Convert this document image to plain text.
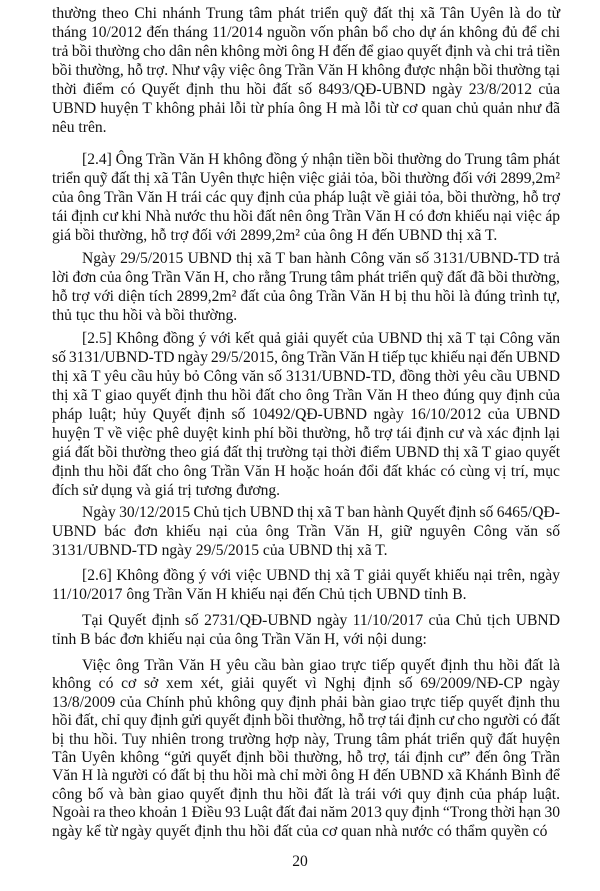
thường theo Chi nhánh Trung tâm phát triển quỹ đất thị xã Tân Uyên là do từ
tháng 10/2012 đến tháng 11/2014 nguồn vốn phân bổ cho dự án không đủ để chi
trả bồi thường cho dân nên không mời ông H đến để giao quyết định và chi trả tiền
bồi thường, hỗ trợ. Như vậy việc ông Trần Văn H không được nhận bồi thường tại
thời điểm có Quyết định thu hồi đất số 8493/QĐ-UBND ngày 23/8/2012 của
UBND huyện T không phải lỗi từ phía ông H mà lỗi từ cơ quan chủ quản như đã
nêu trên.
[2.4] Ông Trần Văn H không đồng ý nhận tiền bồi thường do Trung tâm phát
triển quỹ đất thị xã Tân Uyên thực hiện việc giải tỏa, bồi thường đối với 2899,2m²
của ông Trần Văn H trái các quy định của pháp luật về giải tỏa, bồi thường, hỗ trợ
tái định cư khi Nhà nước thu hồi đất nên ông Trần Văn H có đơn khiếu nại việc áp
giá bồi thường, hỗ trợ đối với 2899,2m² của ông H đến UBND thị xã T.
Ngày 29/5/2015 UBND thị xã T ban hành Công văn số 3131/UBND-TD trả
lời đơn của ông Trần Văn H, cho rằng Trung tâm phát triển quỹ đất đã bồi thường,
hỗ trợ với diện tích 2899,2m² đất của ông Trần Văn H bị thu hồi là đúng trình tự,
thủ tục thu hồi và bồi thường.
[2.5] Không đồng ý với kết quả giải quyết của UBND thị xã T tại Công văn
số 3131/UBND-TD ngày 29/5/2015, ông Trần Văn H tiếp tục khiếu nại đến UBND
thị xã T yêu cầu hủy bỏ Công văn số 3131/UBND-TD, đồng thời yêu cầu UBND
thị xã T giao quyết định thu hồi đất cho ông Trần Văn H theo đúng quy định của
pháp luật; hủy Quyết định số 10492/QĐ-UBND ngày 16/10/2012 của UBND
huyện T về việc phê duyệt kinh phí bồi thường, hỗ trợ tái định cư và xác định lại
giá đất bồi thường theo giá đất thị trường tại thời điểm UBND thị xã T giao quyết
định thu hồi đất cho ông Trần Văn H hoặc hoán đổi đất khác có cùng vị trí, mục
đích sử dụng và giá trị tương đương.
Ngày 30/12/2015 Chủ tịch UBND thị xã T ban hành Quyết định số 6465/QĐ-
UBND bác đơn khiếu nại của ông Trần Văn H, giữ nguyên Công văn số
3131/UBND-TD ngày 29/5/2015 của UBND thị xã T.
[2.6] Không đồng ý với việc UBND thị xã T giải quyết khiếu nại trên, ngày
11/10/2017 ông Trần Văn H khiếu nại đến Chủ tịch UBND tỉnh B.
Tại Quyết định số 2731/QĐ-UBND ngày 11/10/2017 của Chủ tịch UBND
tỉnh B bác đơn khiếu nại của ông Trần Văn H, với nội dung:
Việc ông Trần Văn H yêu cầu bàn giao trực tiếp quyết định thu hồi đất là
không có cơ sở xem xét, giải quyết vì Nghị định số 69/2009/NĐ-CP ngày
13/8/2009 của Chính phủ không quy định phải bàn giao trực tiếp quyết định thu
hồi đất, chỉ quy định gửi quyết định bồi thường, hỗ trợ tái định cư cho người có đất
bị thu hồi. Tuy nhiên trong trường hợp này, Trung tâm phát triển quỹ đất huyện
Tân Uyên không “gửi quyết định bồi thường, hỗ trợ, tái định cư” đến ông Trần
Văn H là người có đất bị thu hồi mà chỉ mời ông H đến UBND xã Khánh Bình để
công bố và bàn giao quyết định thu hồi đất là trái với quy định của pháp luật.
Ngoài ra theo khoản 1 Điều 93 Luật đất đai năm 2013 quy định “Trong thời hạn 30
ngày kể từ ngày quyết định thu hồi đất của cơ quan nhà nước có thẩm quyền có
20
